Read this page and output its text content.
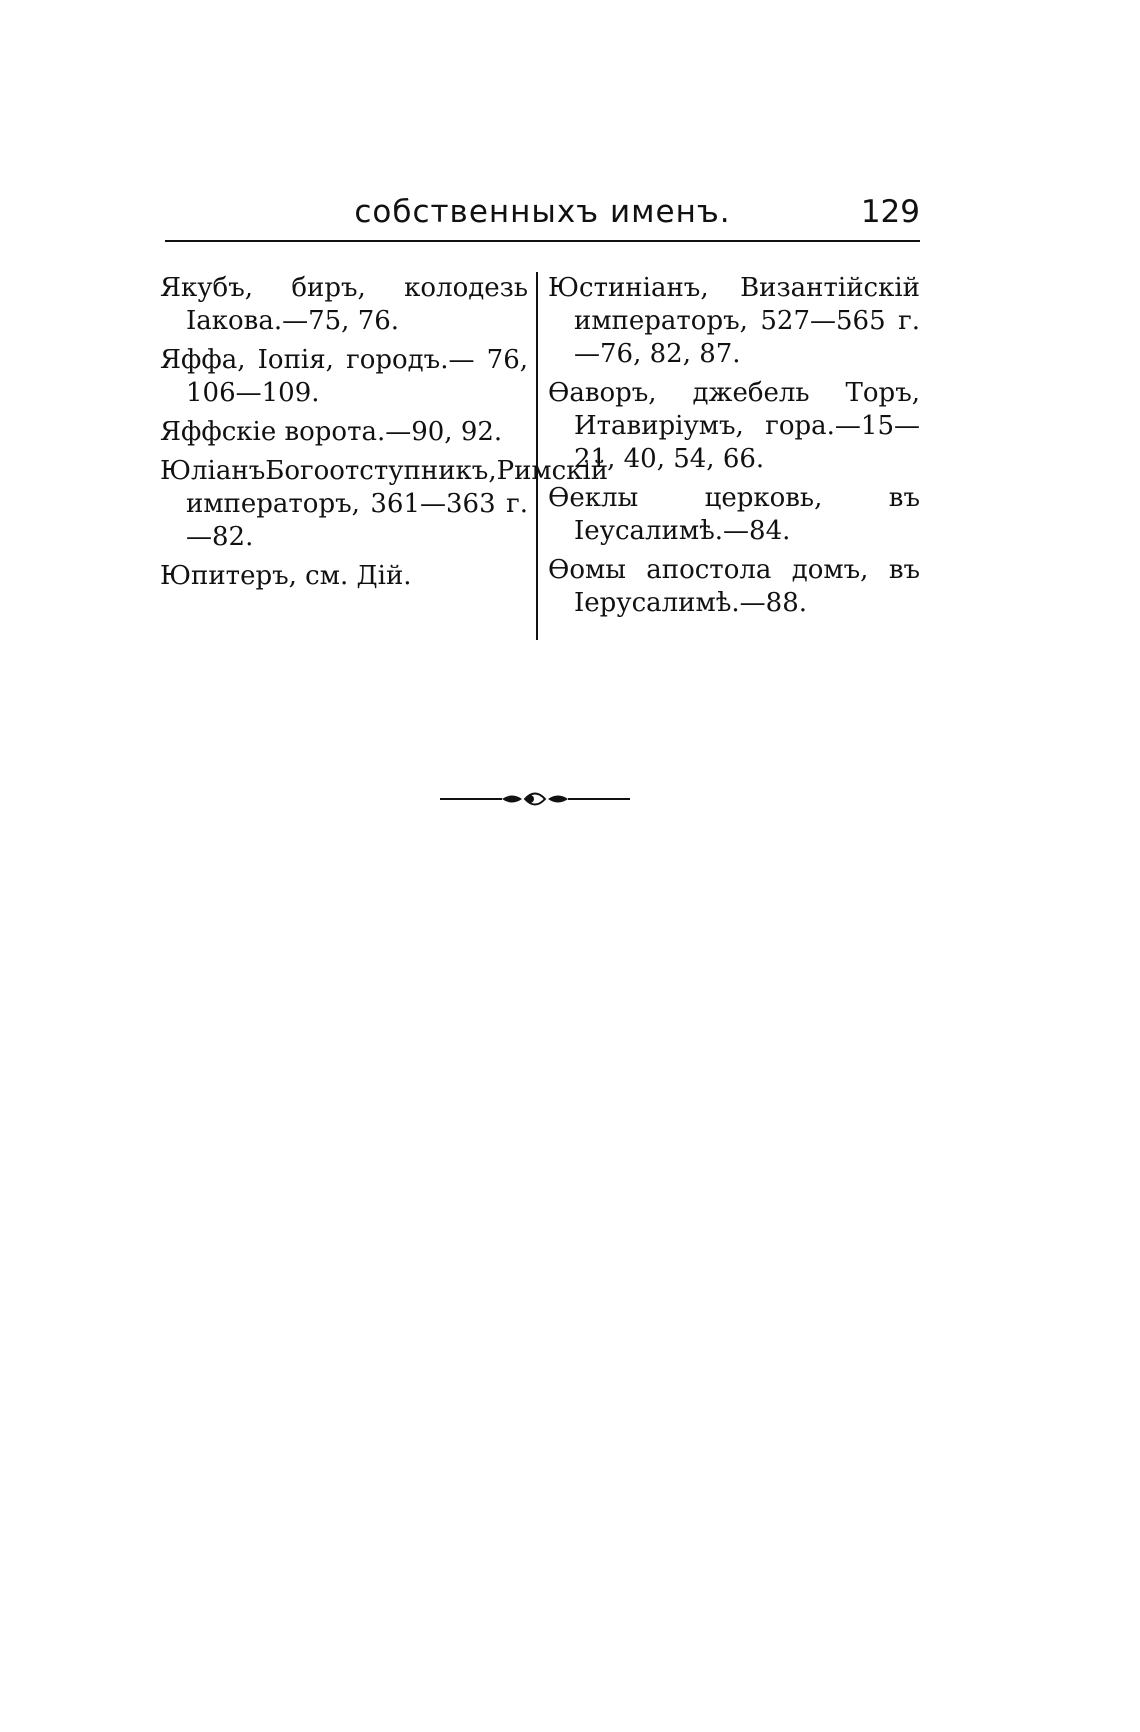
собственныхъ именъ.	129
Якубъ, биръ, колодезь Іакова.—75, 76.
Яффа, Іопія, городъ.— 76, 106—109.
Яффскіе ворота.—90, 92.
ЮліанъБогоотступникъ,Римскій императоръ, 361—363 г. —82.
Юпитеръ, см. Дій.
Юстиніанъ, Византійскій императоръ, 527—565 г.—76, 82, 87.
Өаворъ, джебель Торъ, Итавиріумъ, гора.—15—21, 40, 54, 66.
Өеклы церковь, въ Іеусалимѣ.—84.
Өомы апостола домъ, въ Іерусалимѣ.—88.
